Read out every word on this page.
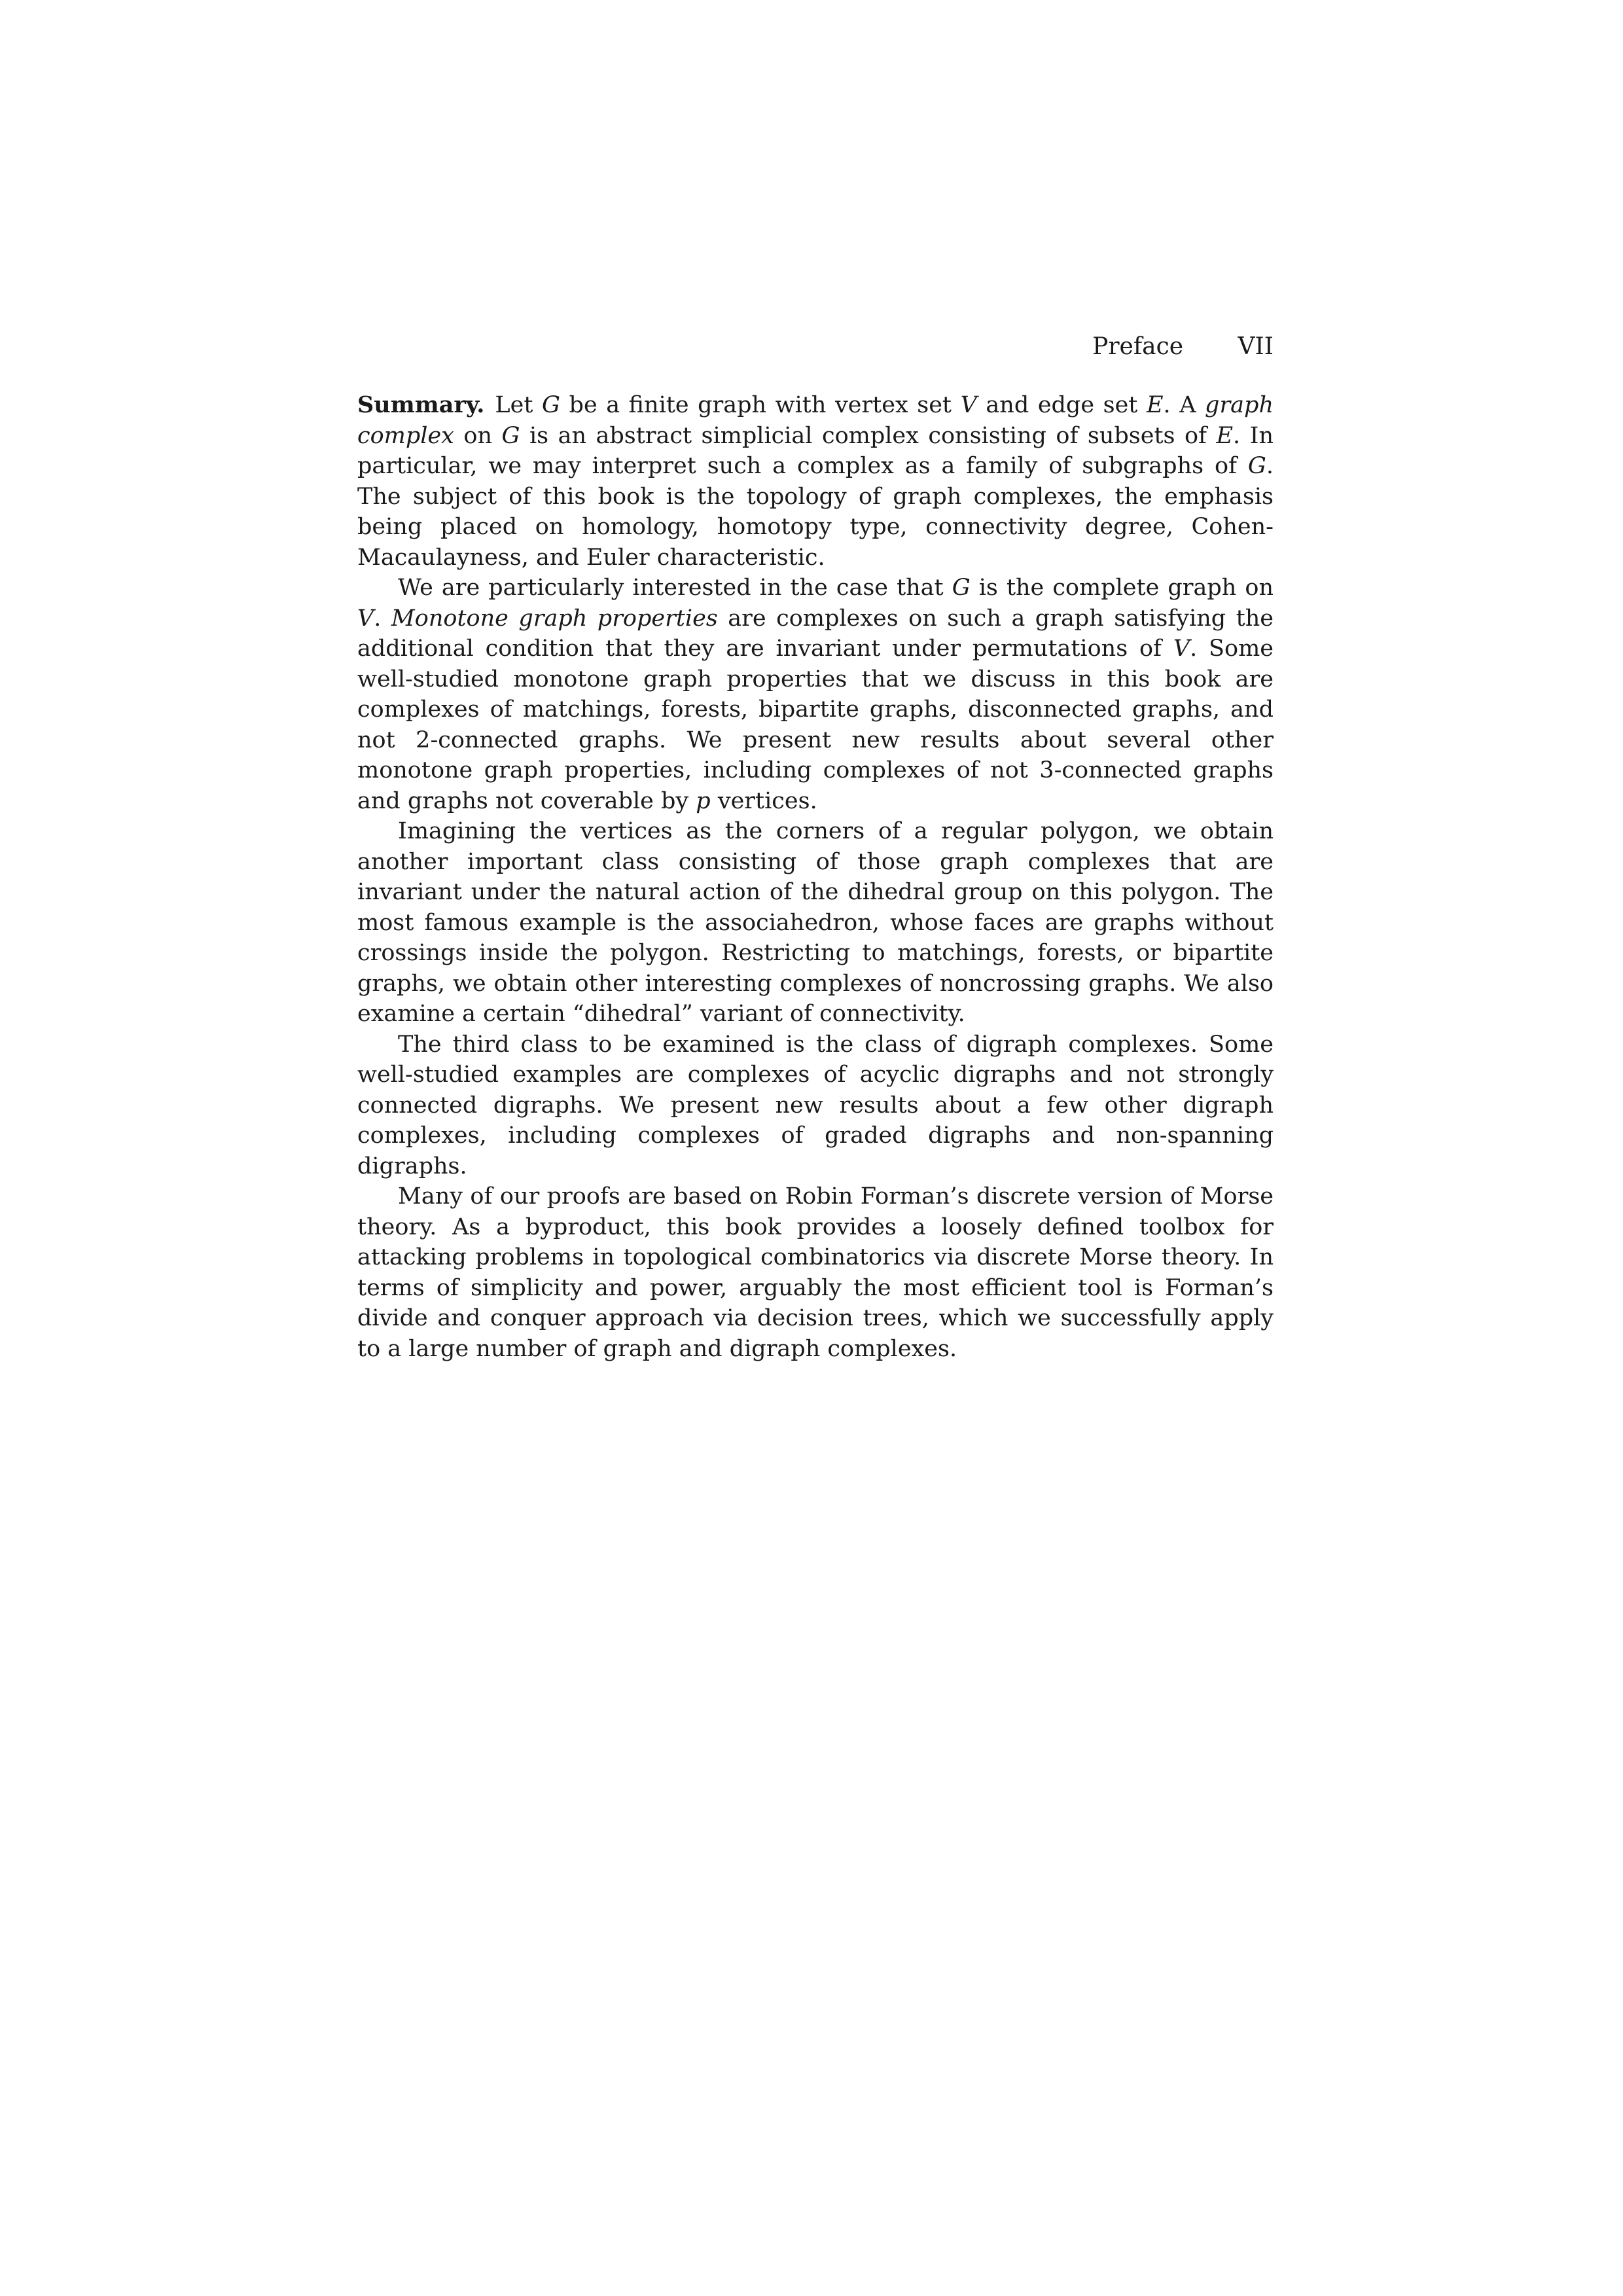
Preface VII

Summary. Let G be a finite graph with vertex set V and edge set E. A graph complex on G is an abstract simplicial complex consisting of subsets of E. In particular, we may interpret such a complex as a family of subgraphs of G. The subject of this book is the topology of graph complexes, the emphasis being placed on homology, homotopy type, connectivity degree, Cohen-Macaulayness, and Euler characteristic.

We are particularly interested in the case that G is the complete graph on V. Monotone graph properties are complexes on such a graph satisfying the additional condition that they are invariant under permutations of V. Some well-studied monotone graph properties that we discuss in this book are complexes of matchings, forests, bipartite graphs, disconnected graphs, and not 2-connected graphs. We present new results about several other monotone graph properties, including complexes of not 3-connected graphs and graphs not coverable by p vertices.

Imagining the vertices as the corners of a regular polygon, we obtain another important class consisting of those graph complexes that are invariant under the natural action of the dihedral group on this polygon. The most famous example is the associahedron, whose faces are graphs without crossings inside the polygon. Restricting to matchings, forests, or bipartite graphs, we obtain other interesting complexes of noncrossing graphs. We also examine a certain “dihedral” variant of connectivity.

The third class to be examined is the class of digraph complexes. Some well-studied examples are complexes of acyclic digraphs and not strongly connected digraphs. We present new results about a few other digraph complexes, including complexes of graded digraphs and non-spanning digraphs.

Many of our proofs are based on Robin Forman’s discrete version of Morse theory. As a byproduct, this book provides a loosely defined toolbox for attacking problems in topological combinatorics via discrete Morse theory. In terms of simplicity and power, arguably the most efficient tool is Forman’s divide and conquer approach via decision trees, which we successfully apply to a large number of graph and digraph complexes.
